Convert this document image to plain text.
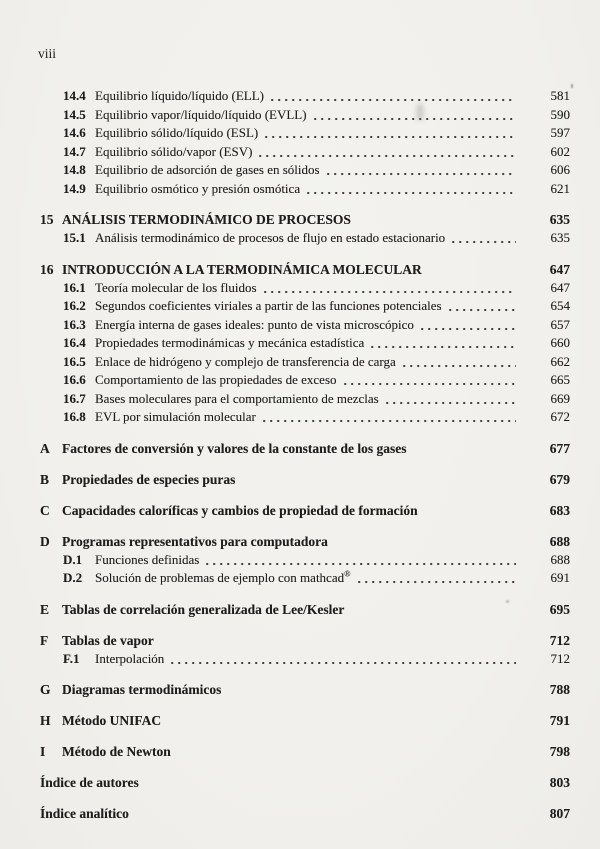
viii
14.4 Equilibrio líquido/líquido (ELL)	581
14.5 Equilibrio vapor/líquido/líquido (EVLL)	590
14.6 Equilibrio sólido/líquido (ESL)	597
14.7 Equilibrio sólido/vapor (ESV)	602
14.8 Equilibrio de adsorción de gases en sólidos	606
14.9 Equilibrio osmótico y presión osmótica	621
15 ANÁLISIS TERMODINÁMICO DE PROCESOS	635
15.1 Análisis termodinámico de procesos de flujo en estado estacionario	635
16 INTRODUCCIÓN A LA TERMODINÁMICA MOLECULAR	647
16.1 Teoría molecular de los fluidos	647
16.2 Segundos coeficientes viriales a partir de las funciones potenciales	654
16.3 Energía interna de gases ideales: punto de vista microscópico	657
16.4 Propiedades termodinámicas y mecánica estadística	660
16.5 Enlace de hidrógeno y complejo de transferencia de carga	662
16.6 Comportamiento de las propiedades de exceso	665
16.7 Bases moleculares para el comportamiento de mezclas	669
16.8 EVL por simulación molecular	672
A Factores de conversión y valores de la constante de los gases	677
B Propiedades de especies puras	679
C Capacidades caloríficas y cambios de propiedad de formación	683
D Programas representativos para computadora	688
D.1 Funciones definidas	688
D.2 Solución de problemas de ejemplo con mathcad®	691
E Tablas de correlación generalizada de Lee/Kesler	695
F	Tablas de vapor	712
F.1	Interpolación	712
G Diagramas termodinámicos	788
H Método UNIFAC	791
I	Método de Newton	798
Índice de autores	803
Índice analítico	807
